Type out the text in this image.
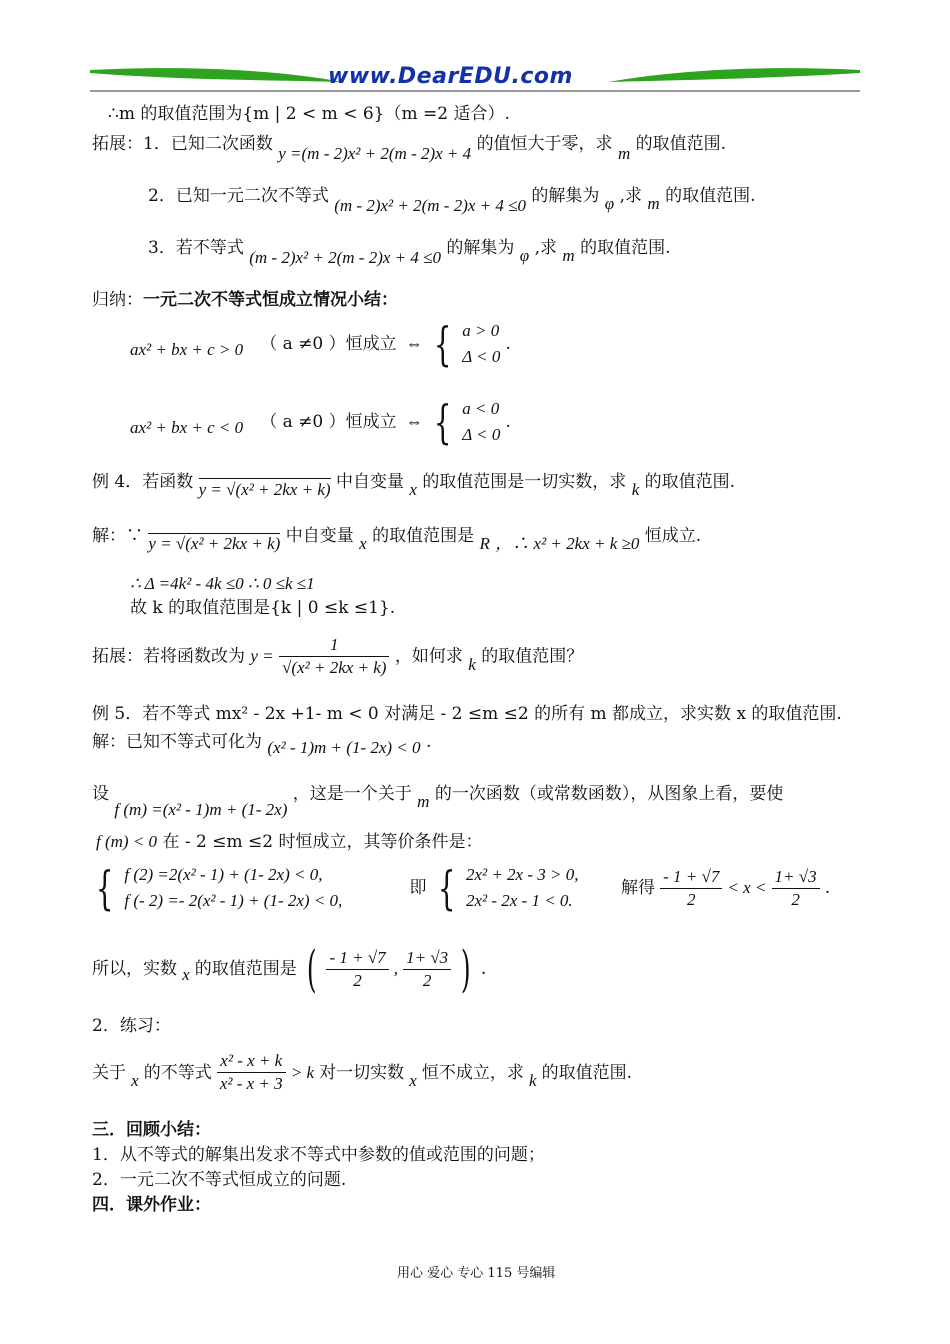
www.DearEDU.com
∴m 的取值范围为{m | 2 < m < 6}（m =2 适合）.
拓展：1．已知二次函数 y =(m - 2)x² + 2(m - 2)x + 4 的值恒大于零，求 m 的取值范围.
2．已知一元二次不等式 (m - 2)x² + 2(m - 2)x + 4 ≤0 的解集为 φ ,求 m 的取值范围.
3．若不等式 (m - 2)x² + 2(m - 2)x + 4 ≤0 的解集为 φ ,求 m 的取值范围.
归纳：一元二次不等式恒成立情况小结：
ax² + bx + c > 0 （ a ≠0 ）恒成立 ⇔ { a > 0
Δ < 0
.
ax² + bx + c < 0 （ a ≠0 ）恒成立 ⇔ { a < 0
Δ < 0
.
例 4．若函数 y = √(x² + 2kx + k) 中自变量 x 的取值范围是一切实数，求 k 的取值范围.
解：∵ y = √(x² + 2kx + k) 中自变量 x 的取值范围是 R ，∴ x² + 2kx + k ≥0 恒成立.
∴ Δ =4k² - 4k ≤0 ∴ 0 ≤k ≤1
故 k 的取值范围是{k | 0 ≤k ≤1}.
拓展：若将函数改为 $y = \frac{1}{\text{√(x² + 2kx + k)}}$ ，如何求 k 的取值范围？
例 5．若不等式 mx² - 2x +1- m < 0 对满足 - 2 ≤m ≤2 的所有 m 都成立，求实数 x 的取值范围.
解：已知不等式可化为 (x² - 1)m + (1- 2x) < 0 .
设 f (m) =(x² - 1)m + (1- 2x) ，这是一个关于 m 的一次函数（或常数函数），从图象上看，要使
f (m) < 0 在 - 2 ≤m ≤2 时恒成立，其等价条件是：
{ f (2) =2(x² - 1) + (1- 2x) < 0,
f (- 2) =- 2(x² - 1) + (1- 2x) < 0,
即 { 2x² + 2x - 3 > 0,
2x² - 2x - 1 < 0.
解得 $\frac{- 1 + √7}{2} < x < \frac{1+ √3}{2}$ .
所以，实数 x 的取值范围是 ( $\frac{- 1 + √7}{2}$ , $\frac{1+ √3}{2}$ ) .
2．练习：
关于 x 的不等式 $\frac{\text{x² - x + k}}{\text{x² - x + 3}} > k$ 对一切实数 x 恒不成立，求 k 的取值范围.
三．回顾小结：
1．从不等式的解集出发求不等式中参数的值或范围的问题；
2．一元二次不等式恒成立的问题.
四．课外作业：
用心 爱心 专心 115 号编辑
